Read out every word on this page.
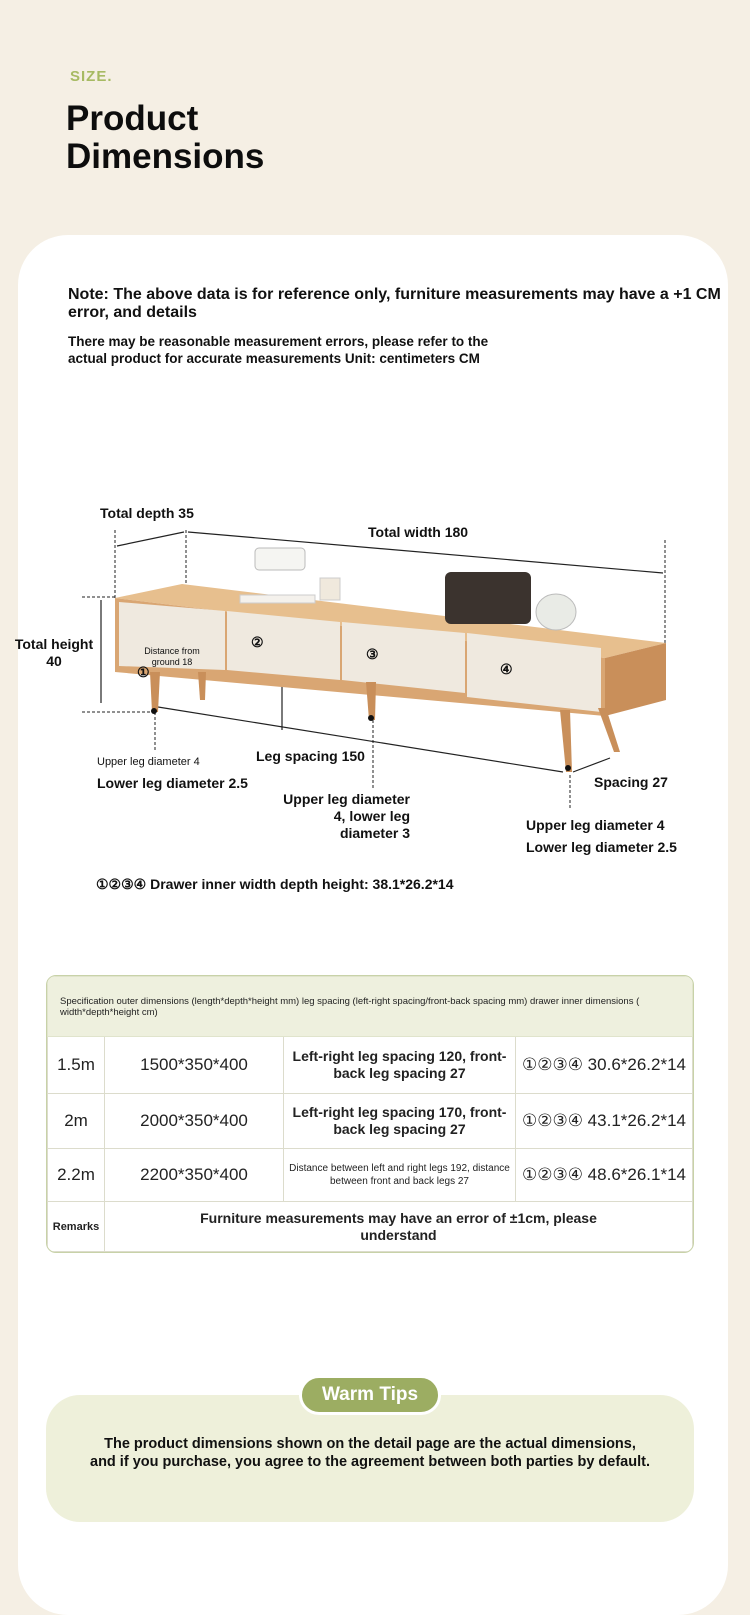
SIZE.
Product
Dimensions
Note: The above data is for reference only, furniture measurements may have a +1 CM error, and details
There may be reasonable measurement errors, please refer to the actual product for accurate measurements Unit: centimeters CM
Total depth 35
Total width 180
Total height
40
Distance from
ground 18
①
②
③
④
Leg spacing 150
Spacing 27
Upper leg diameter 4
Lower leg diameter 2.5
Upper leg diameter
4, lower leg
diameter 3	Upper leg diameter 4
Lower leg diameter 2.5
①②③④ Drawer inner width depth height: 38.1*26.2*14
Specification outer dimensions (length*depth*height mm) leg spacing (left-right spacing/front-back spacing mm) drawer inner dimensions ( width*depth*height cm)			
1.5m	1500*350*400	Left-right leg spacing 120, front-back leg spacing 27	①②③④ 30.6*26.2*14
2m	2000*350*400	Left-right leg spacing 170, front-back leg spacing 27	①②③④ 43.1*26.2*14
2.2m	2200*350*400	Distance between left and right legs 192, distance between front and back legs 27	①②③④ 48.6*26.1*14
Remarks	Furniture measurements may have an error of ±1cm, please understand		
Warm Tips
The product dimensions shown on the detail page are the actual dimensions, and if you purchase, you agree to the agreement between both parties by default.
